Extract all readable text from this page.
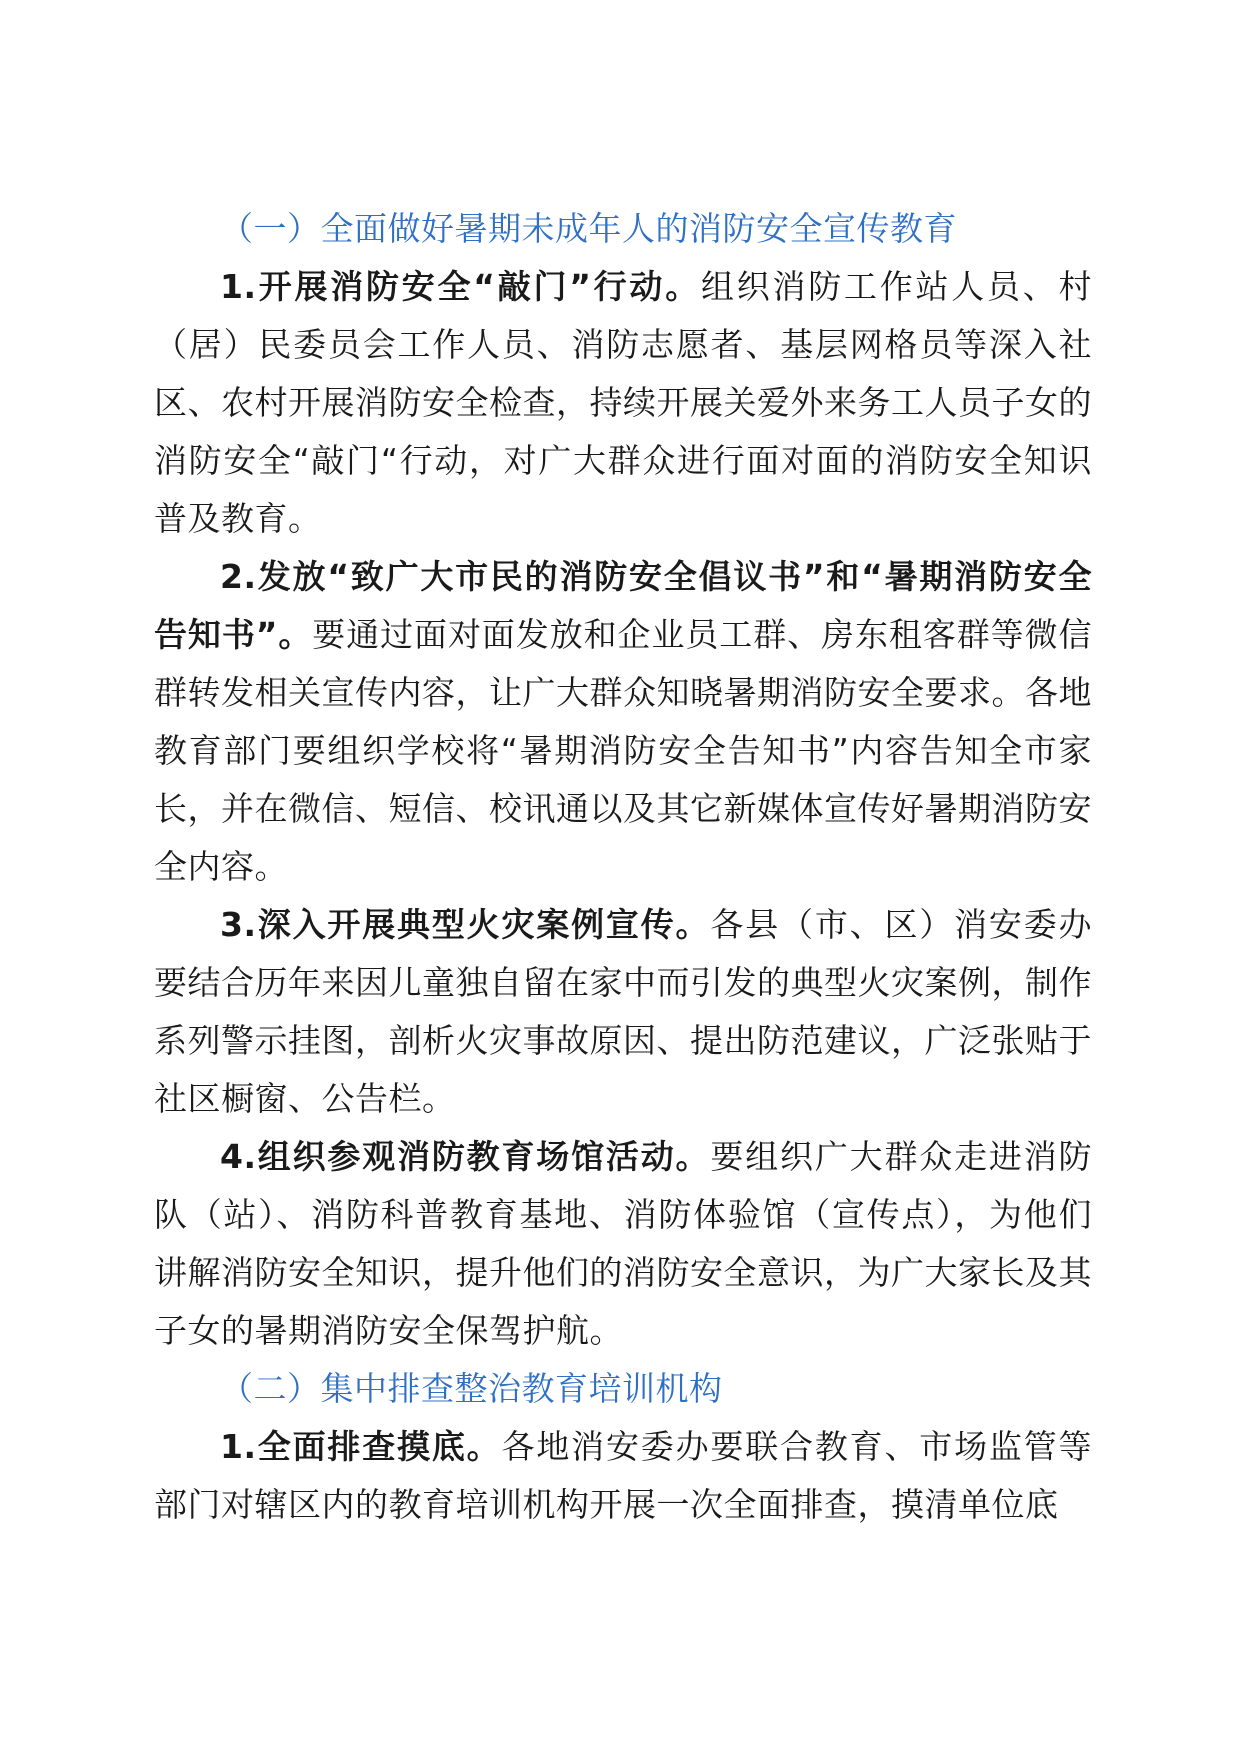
（一）全面做好暑期未成年人的消防安全宣传教育

1.开展消防安全“敲门”行动。组织消防工作站人员、村（居）民委员会工作人员、消防志愿者、基层网格员等深入社区、农村开展消防安全检查，持续开展关爱外来务工人员子女的消防安全“敲门“行动，对广大群众进行面对面的消防安全知识普及教育。

2.发放“致广大市民的消防安全倡议书”和“暑期消防安全告知书”。要通过面对面发放和企业员工群、房东租客群等微信群转发相关宣传内容，让广大群众知晓暑期消防安全要求。各地教育部门要组织学校将“暑期消防安全告知书”内容告知全市家长，并在微信、短信、校讯通以及其它新媒体宣传好暑期消防安全内容。

3.深入开展典型火灾案例宣传。各县（市、区）消安委办要结合历年来因儿童独自留在家中而引发的典型火灾案例，制作系列警示挂图，剖析火灾事故原因、提出防范建议，广泛张贴于社区橱窗、公告栏。

4.组织参观消防教育场馆活动。要组织广大群众走进消防队（站）、消防科普教育基地、消防体验馆（宣传点），为他们讲解消防安全知识，提升他们的消防安全意识，为广大家长及其子女的暑期消防安全保驾护航。

（二）集中排查整治教育培训机构

1.全面排查摸底。各地消安委办要联合教育、市场监管等部门对辖区内的教育培训机构开展一次全面排查，摸清单位底
